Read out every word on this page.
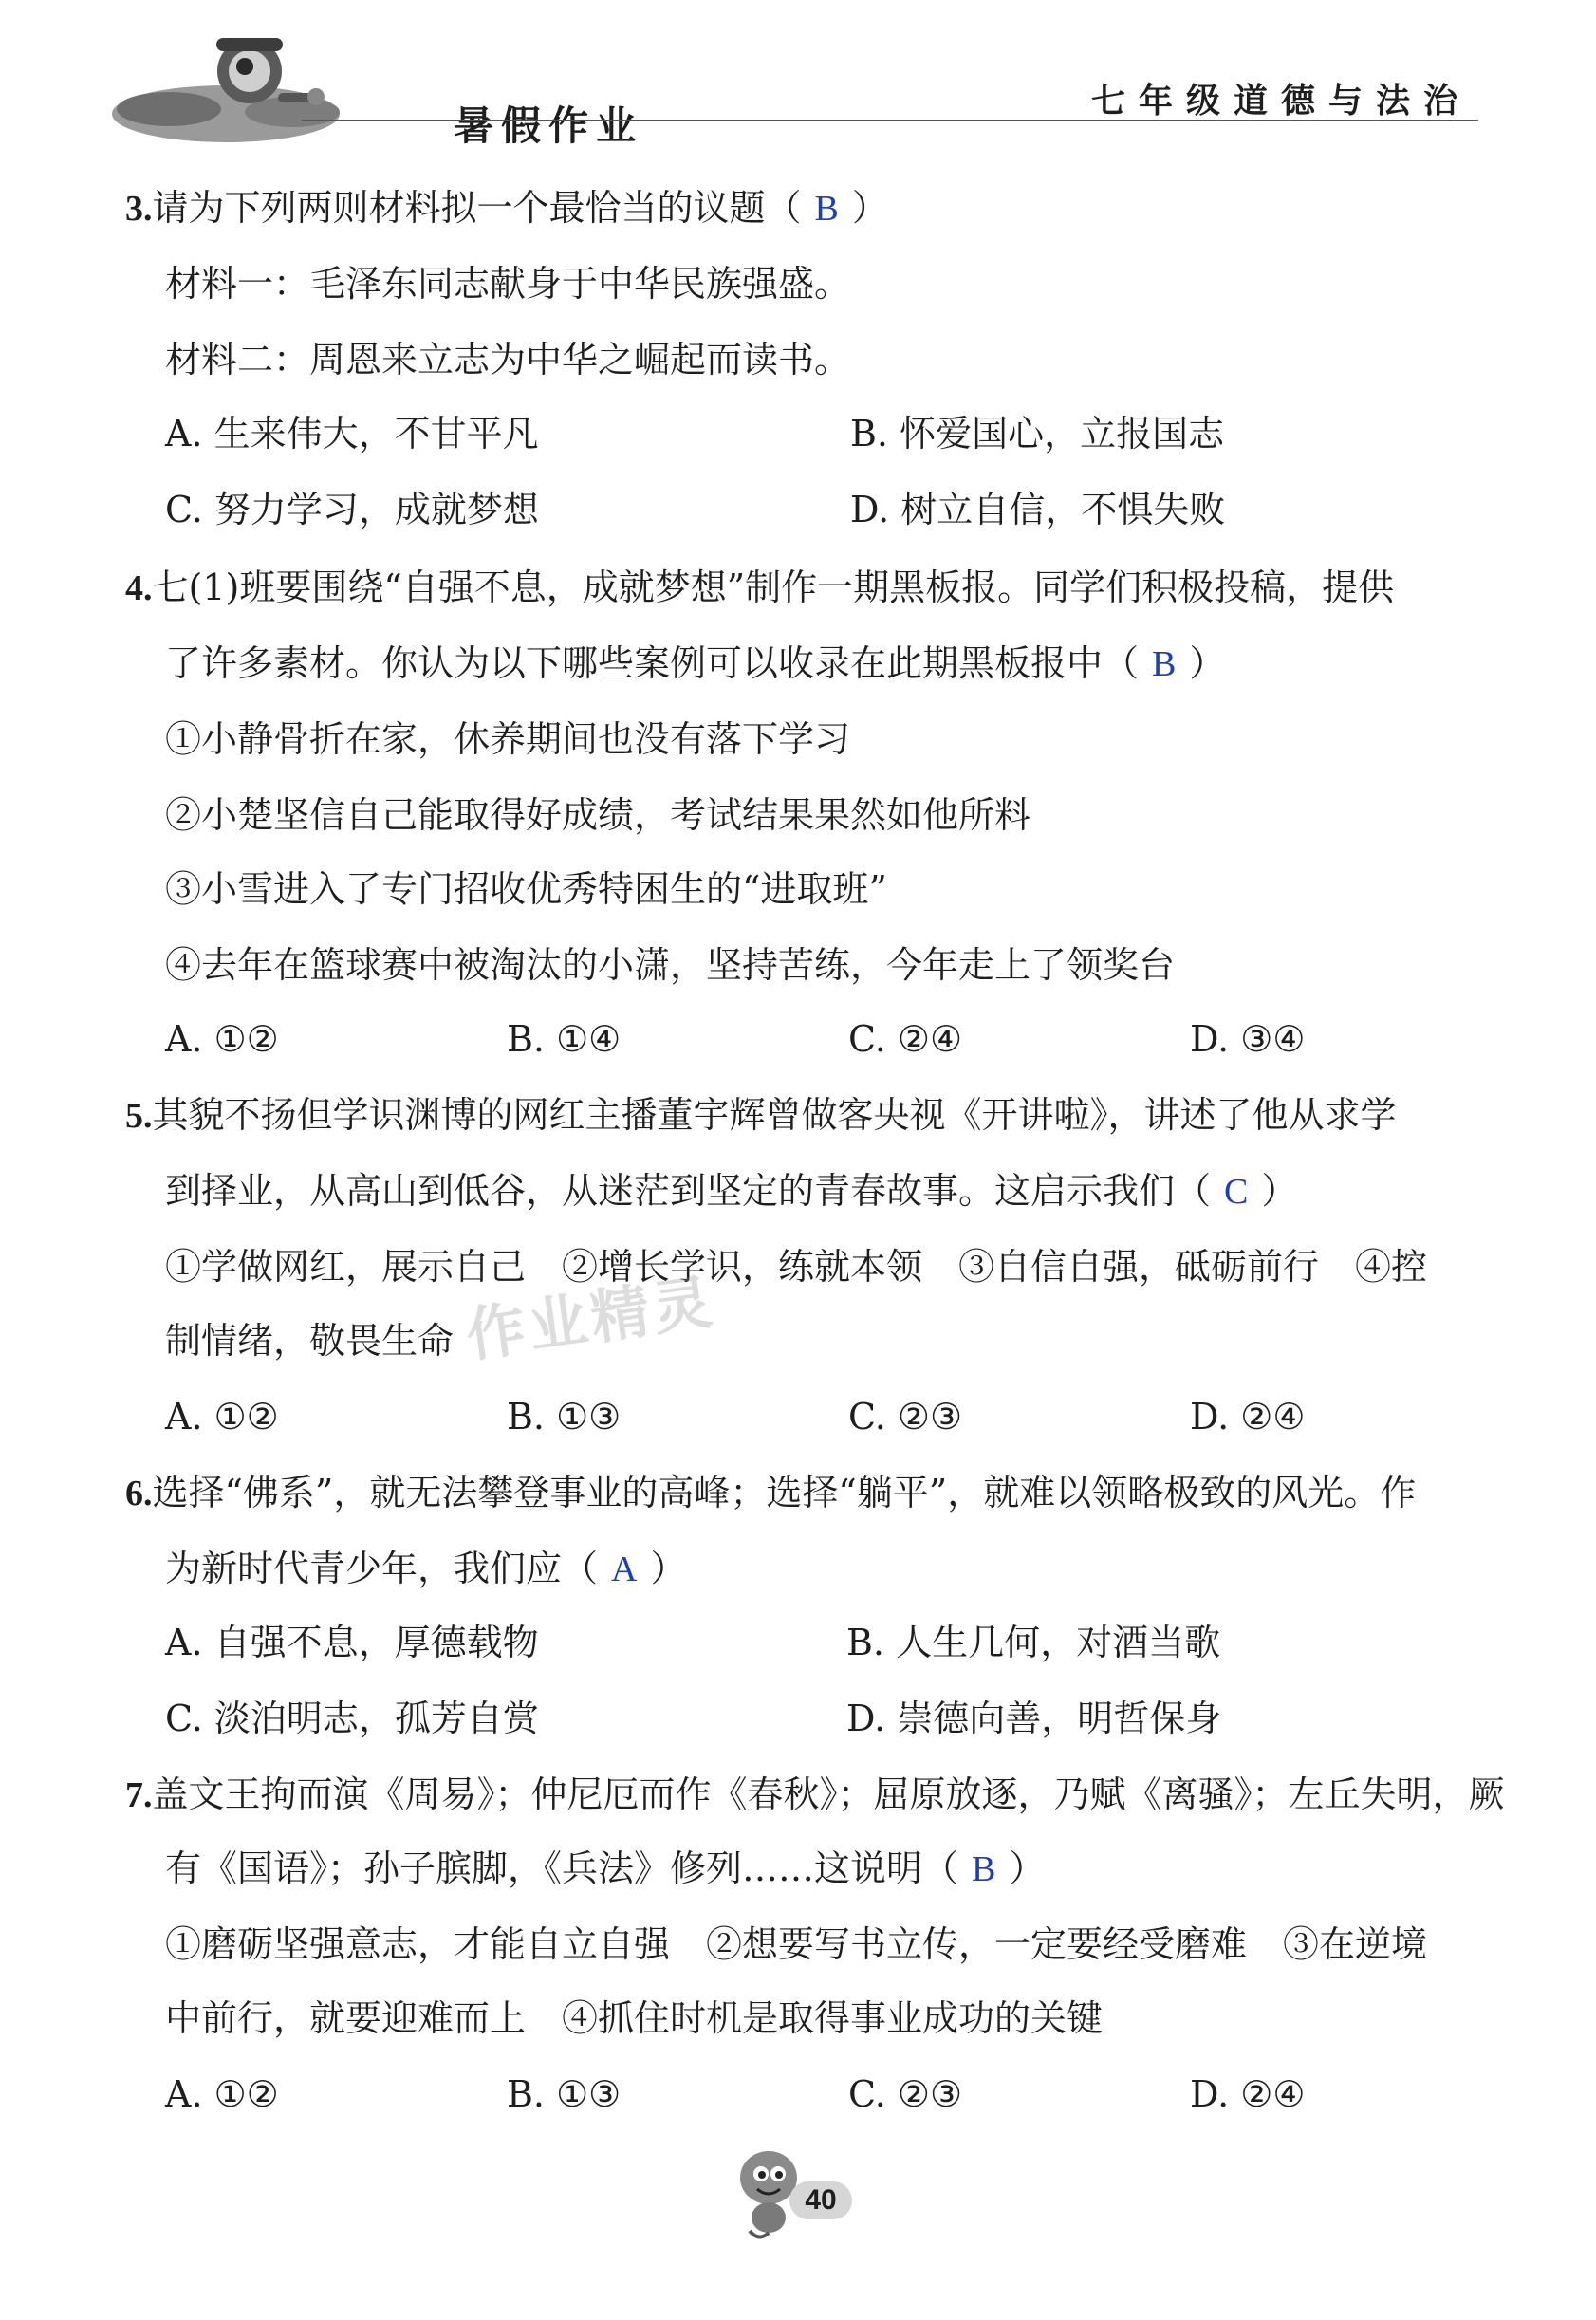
暑假作业
七年级道德与法治
3.请为下列两则材料拟一个最恰当的议题（ B ）
材料一：毛泽东同志献身于中华民族强盛。
材料二：周恩来立志为中华之崛起而读书。
A. 生来伟大，不甘平凡	B. 怀爱国心，立报国志
C. 努力学习，成就梦想	D. 树立自信，不惧失败
4.七(1)班要围绕“自强不息，成就梦想”制作一期黑板报。同学们积极投稿，提供
了许多素材。你认为以下哪些案例可以收录在此期黑板报中（ B ）
①小静骨折在家，休养期间也没有落下学习
②小楚坚信自己能取得好成绩，考试结果果然如他所料
③小雪进入了专门招收优秀特困生的“进取班”
④去年在篮球赛中被淘汰的小潇，坚持苦练，今年走上了领奖台
A. ①②	B. ①④	C. ②④	D. ③④
5.其貌不扬但学识渊博的网红主播董宇辉曾做客央视《开讲啦》，讲述了他从求学
到择业，从高山到低谷，从迷茫到坚定的青春故事。这启示我们（ C ）
①学做网红，展示自己　②增长学识，练就本领　③自信自强，砥砺前行　④控
制情绪，敬畏生命 作业精灵
A. ①②	B. ①③	C. ②③	D. ②④
6.选择“佛系”，就无法攀登事业的高峰；选择“躺平”，就难以领略极致的风光。作
为新时代青少年，我们应（ A ）
A. 自强不息，厚德载物	B. 人生几何，对酒当歌
C. 淡泊明志，孤芳自赏	D. 崇德向善，明哲保身
7.盖文王拘而演《周易》；仲尼厄而作《春秋》；屈原放逐，乃赋《离骚》；左丘失明，厥
有《国语》；孙子膑脚，《兵法》修列……这说明（ B ）
①磨砺坚强意志，才能自立自强　②想要写书立传，一定要经受磨难　③在逆境
中前行，就要迎难而上　④抓住时机是取得事业成功的关键
A. ①②	B. ①③	C. ②③	D. ②④
40
